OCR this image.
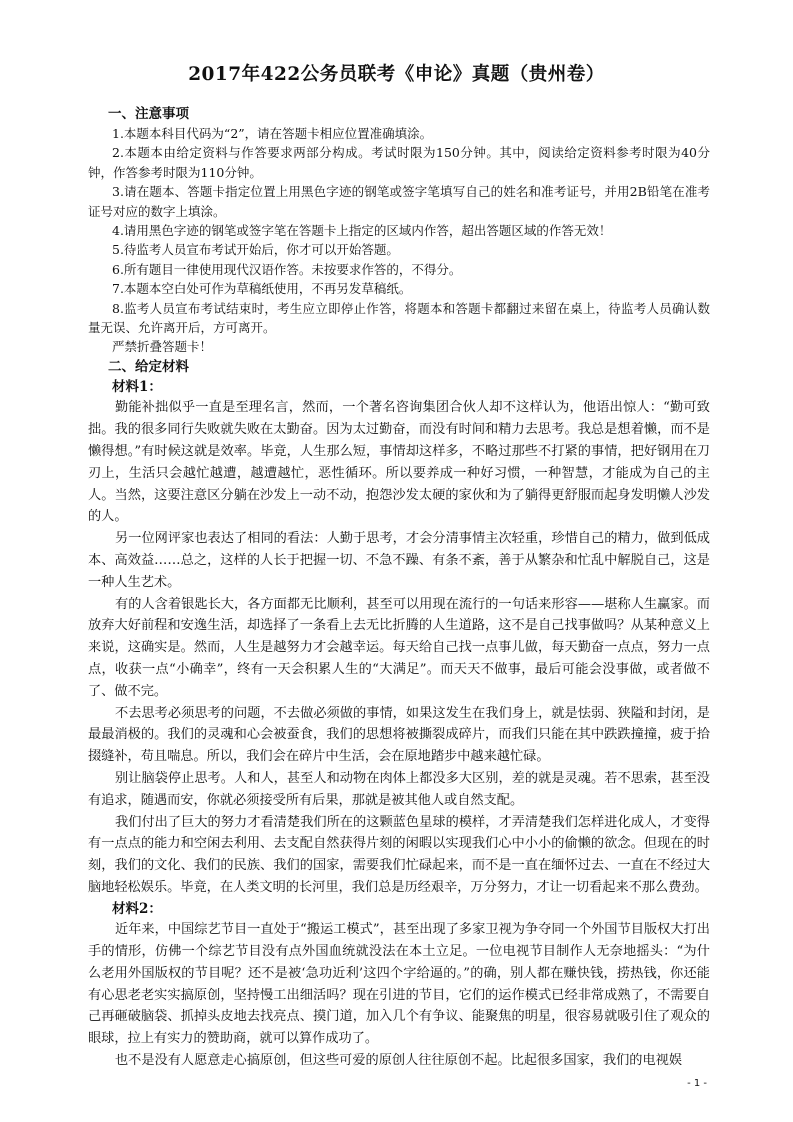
2017年422公务员联考《申论》真题（贵州卷）

一、注意事项

1.本题本科目代码为“2”，请在答题卡相应位置准确填涂。

2.本题本由给定资料与作答要求两部分构成。考试时限为150分钟。其中，阅读给定资料参考时限为40分钟，作答参考时限为110分钟。

3.请在题本、答题卡指定位置上用黑色字迹的钢笔或签字笔填写自己的姓名和准考证号，并用2B铅笔在准考证号对应的数字上填涂。

4.请用黑色字迹的钢笔或签字笔在答题卡上指定的区域内作答，超出答题区域的作答无效！

5.待监考人员宣布考试开始后，你才可以开始答题。

6.所有题目一律使用现代汉语作答。未按要求作答的，不得分。

7.本题本空白处可作为草稿纸使用，不再另发草稿纸。

8.监考人员宣布考试结束时，考生应立即停止作答，将题本和答题卡都翻过来留在桌上，待监考人员确认数量无误、允许离开后，方可离开。

严禁折叠答题卡！

二、给定材料

材料1：

勤能补拙似乎一直是至理名言，然而，一个著名咨询集团合伙人却不这样认为，他语出惊人：“勤可致拙。我的很多同行失败就失败在太勤奋。因为太过勤奋，而没有时间和精力去思考。我总是想着懒，而不是懒得想。”有时候这就是效率。毕竟，人生那么短，事情却这样多，不略过那些不打紧的事情，把好钢用在刀刃上，生活只会越忙越遭，越遭越忙，恶性循环。所以要养成一种好习惯，一种智慧，才能成为自己的主人。当然，这要注意区分躺在沙发上一动不动，抱怨沙发太硬的家伙和为了躺得更舒服而起身发明懒人沙发的人。

另一位网评家也表达了相同的看法：人勤于思考，才会分清事情主次轻重，珍惜自己的精力，做到低成本、高效益……总之，这样的人长于把握一切、不急不躁、有条不紊，善于从繁杂和忙乱中解脱自己，这是一种人生艺术。

有的人含着银匙长大，各方面都无比顺利，甚至可以用现在流行的一句话来形容——堪称人生赢家。而放弃大好前程和安逸生活，却选择了一条看上去无比折腾的人生道路，这不是自己找事做吗？从某种意义上来说，这确实是。然而，人生是越努力才会越幸运。每天给自己找一点事儿做，每天勤奋一点点，努力一点点，收获一点“小确幸”，终有一天会积累人生的“大满足”。而天天不做事，最后可能会没事做，或者做不了、做不完。

不去思考必须思考的问题，不去做必须做的事情，如果这发生在我们身上，就是怯弱、狭隘和封闭，是最最消极的。我们的灵魂和心会被蚕食，我们的思想将被撕裂成碎片，而我们只能在其中跌跌撞撞，疲于拾掇缝补，苟且喘息。所以，我们会在碎片中生活，会在原地踏步中越来越忙碌。

别让脑袋停止思考。人和人，甚至人和动物在肉体上都没多大区别，差的就是灵魂。若不思索，甚至没有追求，随遇而安，你就必须接受所有后果，那就是被其他人或自然支配。

我们付出了巨大的努力才看清楚我们所在的这颗蓝色星球的模样，才弄清楚我们怎样进化成人，才变得有一点点的能力和空闲去利用、去支配自然获得片刻的闲暇以实现我们心中小小的偷懒的欲念。但现在的时刻，我们的文化、我们的民族、我们的国家，需要我们忙碌起来，而不是一直在缅怀过去、一直在不经过大脑地轻松娱乐。毕竟，在人类文明的长河里，我们总是历经艰辛，万分努力，才让一切看起来不那么费劲。

材料2：

近年来，中国综艺节目一直处于“搬运工模式”，甚至出现了多家卫视为争夺同一个外国节目版权大打出手的情形，仿佛一个综艺节目没有点外国血统就没法在本土立足。一位电视节目制作人无奈地摇头：“为什么老用外国版权的节目呢？还不是被‘急功近利’这四个字给逼的。”的确，别人都在赚快钱，捞热钱，你还能有心思老老实实搞原创，坚持慢工出细活吗？现在引进的节目，它们的运作模式已经非常成熟了，不需要自己再砸破脑袋、抓掉头皮地去找亮点、摸门道，加入几个有争议、能聚焦的明星，很容易就吸引住了观众的眼球，拉上有实力的赞助商，就可以算作成功了。

也不是没有人愿意走心搞原创，但这些可爱的原创人往往原创不起。比起很多国家，我们的电视娱

- 1 -
